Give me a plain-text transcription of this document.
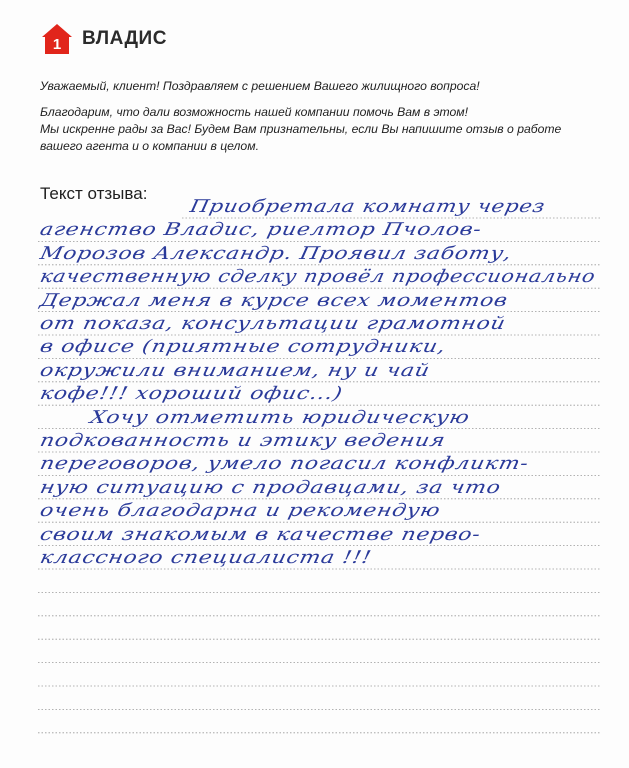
1 ВЛАДИС
Уважаемый, клиент! Поздравляем с решением Вашего жилищного вопроса!
Благодарим, что дали возможность нашей компании помочь Вам в этом!
Мы искренне рады за Вас! Будем Вам признательны, если Вы напишите отзыв о работе
вашего агента и о компании в целом.
Текст отзыва:
Приобретала комнату через
агенство Владис, риелтор Пчолов-
Морозов Александр. Проявил заботу,
качественную сделку провёл профессионально
Держал меня в курсе всех моментов
от показа, консультации грамотной
в офисе (приятные сотрудники,
окружили вниманием, ну и чай
кофе!!! хороший офис...)
Хочу отметить юридическую
подкованность и этику ведения
переговоров, умело погасил конфликт-
ную ситуацию с продавцами, за что
очень благодарна и рекомендую
своим знакомым в качестве перво-
классного специалиста !!!
